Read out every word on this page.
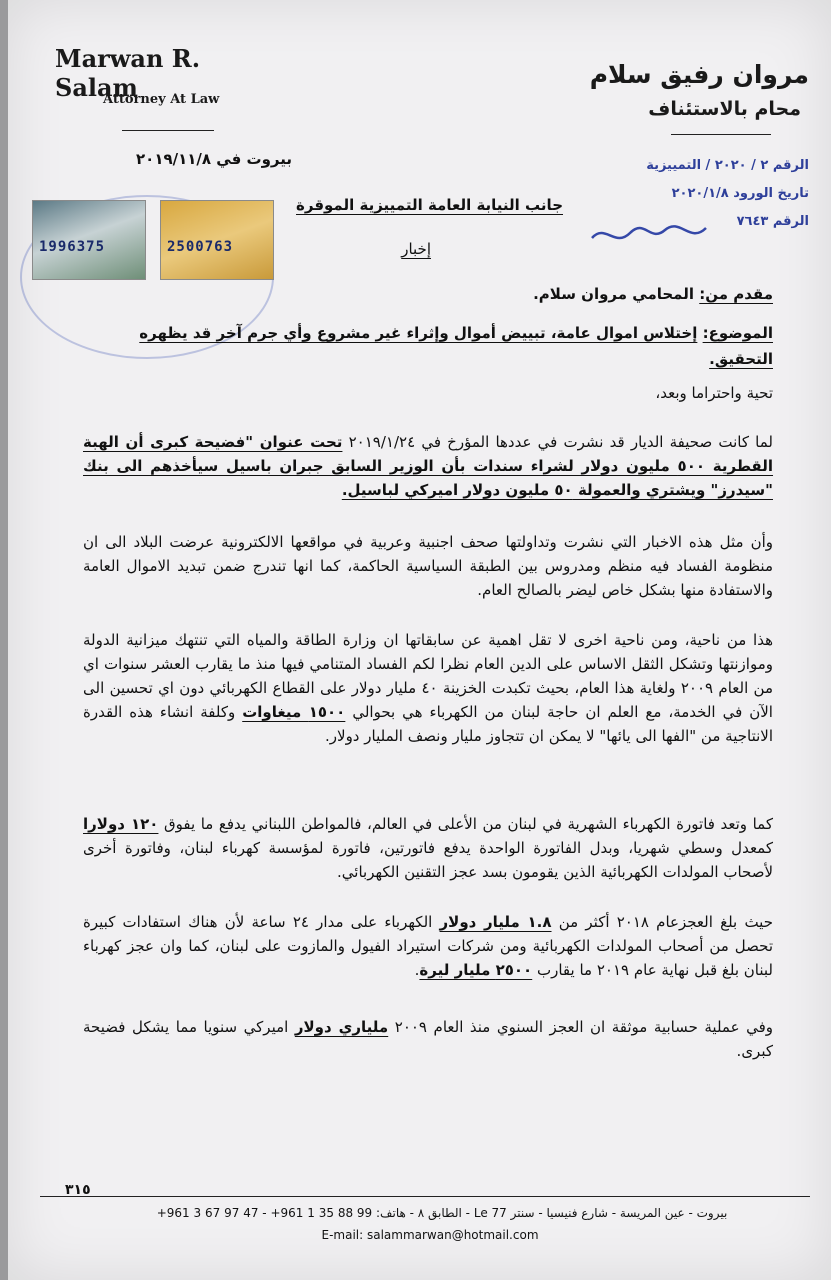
Marwan R. Salam
Attorney At Law
مروان رفيق سلام
محام بالاستئناف
بيروت في ٢٠١٩/١١/٨	الرقم ٢ / ٢٠٢٠ / التمييزية
تاريخ الورود ٢٠٢٠/١/٨
الرقم ٧٦٤٣
1996375	2500763
جانب النيابة العامة التمييزية الموقرة
إخبار
مقدم من: المحامي مروان سلام.
الموضوع: إختلاس اموال عامة، تبييض أموال وإثراء غير مشروع وأي جرم آخر قد يظهره التحقيق.
تحية واحتراما وبعد،
لما كانت صحيفة الديار قد نشرت في عددها المؤرخ في ٢٠١٩/١/٢٤ تحت عنوان "فضيحة كبرى أن الهبة القطرية ٥٠٠ مليون دولار لشراء سندات بأن الوزير السابق جبران باسيل سيأخذهم الى بنك "سيدرز" ويشتري والعمولة ٥٠ مليون دولار اميركي لباسيل.
وأن مثل هذه الاخبار التي نشرت وتداولتها صحف اجنبية وعربية في مواقعها الالكترونية عرضت البلاد الى ان منظومة الفساد فيه منظم ومدروس بين الطبقة السياسية الحاكمة، كما انها تندرج ضمن تبديد الاموال العامة والاستفادة منها بشكل خاص ليضر بالصالح العام.
هذا من ناحية، ومن ناحية اخرى لا تقل اهمية عن سابقاتها ان وزارة الطاقة والمياه التي تنتهك ميزانية الدولة وموازنتها وتشكل الثقل الاساس على الدين العام نظرا لكم الفساد المتنامي فيها منذ ما يقارب العشر سنوات اي من العام ٢٠٠٩ ولغاية هذا العام، بحيث تكبدت الخزينة ٤٠ مليار دولار على القطاع الكهربائي دون اي تحسين الى الآن في الخدمة، مع العلم ان حاجة لبنان من الكهرباء هي بحوالي ١٥٠٠ ميغاوات وكلفة انشاء هذه القدرة الانتاجية من "الفها الى يائها" لا يمكن ان تتجاوز مليار ونصف المليار دولار.
كما وتعد فاتورة الكهرباء الشهرية في لبنان من الأعلى في العالم، فالمواطن اللبناني يدفع ما يفوق ١٢٠ دولارا كمعدل وسطي شهريا، وبدل الفاتورة الواحدة يدفع فاتورتين، فاتورة لمؤسسة كهرباء لبنان، وفاتورة أخرى لأصحاب المولدات الكهربائية الذين يقومون بسد عجز التقنين الكهربائي.
حيث بلغ العجزعام ٢٠١٨ أكثر من ١.٨ مليار دولار الكهرباء على مدار ٢٤ ساعة لأن هناك استفادات كبيرة تحصل من أصحاب المولدات الكهربائية ومن شركات استيراد الفيول والمازوت على لبنان، كما وان عجز كهرباء لبنان بلغ قبل نهاية عام ٢٠١٩ ما يقارب ٢٥٠٠ مليار ليرة.
وفي عملية حسابية موثقة ان العجز السنوي منذ العام ٢٠٠٩ ملياري دولار اميركي سنويا مما يشكل فضيحة كبرى.
٣١٥
بيروت - عين المريسة - شارع فنيسيا - سنتر Le 77 - الطابق ٨ - هاتف: 99 88 35 1 961+ - 47 97 67 3 961+
E-mail: salammarwan@hotmail.com
